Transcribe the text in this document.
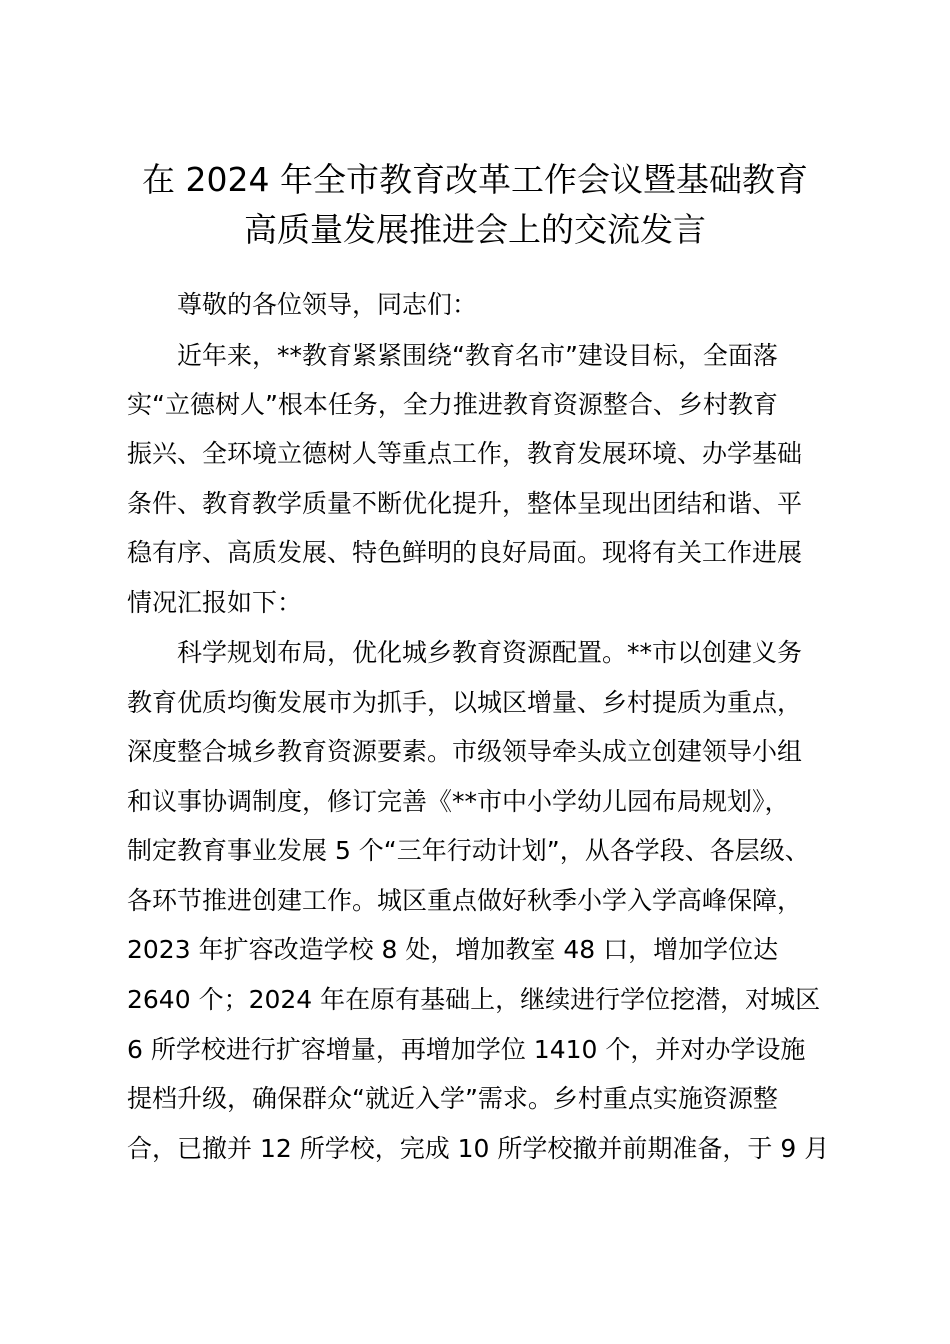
在 2024 年全市教育改革工作会议暨基础教育
高质量发展推进会上的交流发言
　　尊敬的各位领导，同志们：
　　近年来，**教育紧紧围绕“教育名市”建设目标，全面落
实“立德树人”根本任务，全力推进教育资源整合、乡村教育
振兴、全环境立德树人等重点工作，教育发展环境、办学基础
条件、教育教学质量不断优化提升，整体呈现出团结和谐、平
稳有序、高质发展、特色鲜明的良好局面。现将有关工作进展
情况汇报如下：
　　科学规划布局，优化城乡教育资源配置。**市以创建义务
教育优质均衡发展市为抓手，以城区增量、乡村提质为重点，
深度整合城乡教育资源要素。市级领导牵头成立创建领导小组
和议事协调制度，修订完善《**市中小学幼儿园布局规划》，
制定教育事业发展 5 个“三年行动计划”，从各学段、各层级、
各环节推进创建工作。城区重点做好秋季小学入学高峰保障，
2023 年扩容改造学校 8 处，增加教室 48 口，增加学位达
2640 个；2024 年在原有基础上，继续进行学位挖潜，对城区
6 所学校进行扩容增量，再增加学位 1410 个，并对办学设施
提档升级，确保群众“就近入学”需求。乡村重点实施资源整
合，已撤并 12 所学校，完成 10 所学校撤并前期准备，于 9 月
